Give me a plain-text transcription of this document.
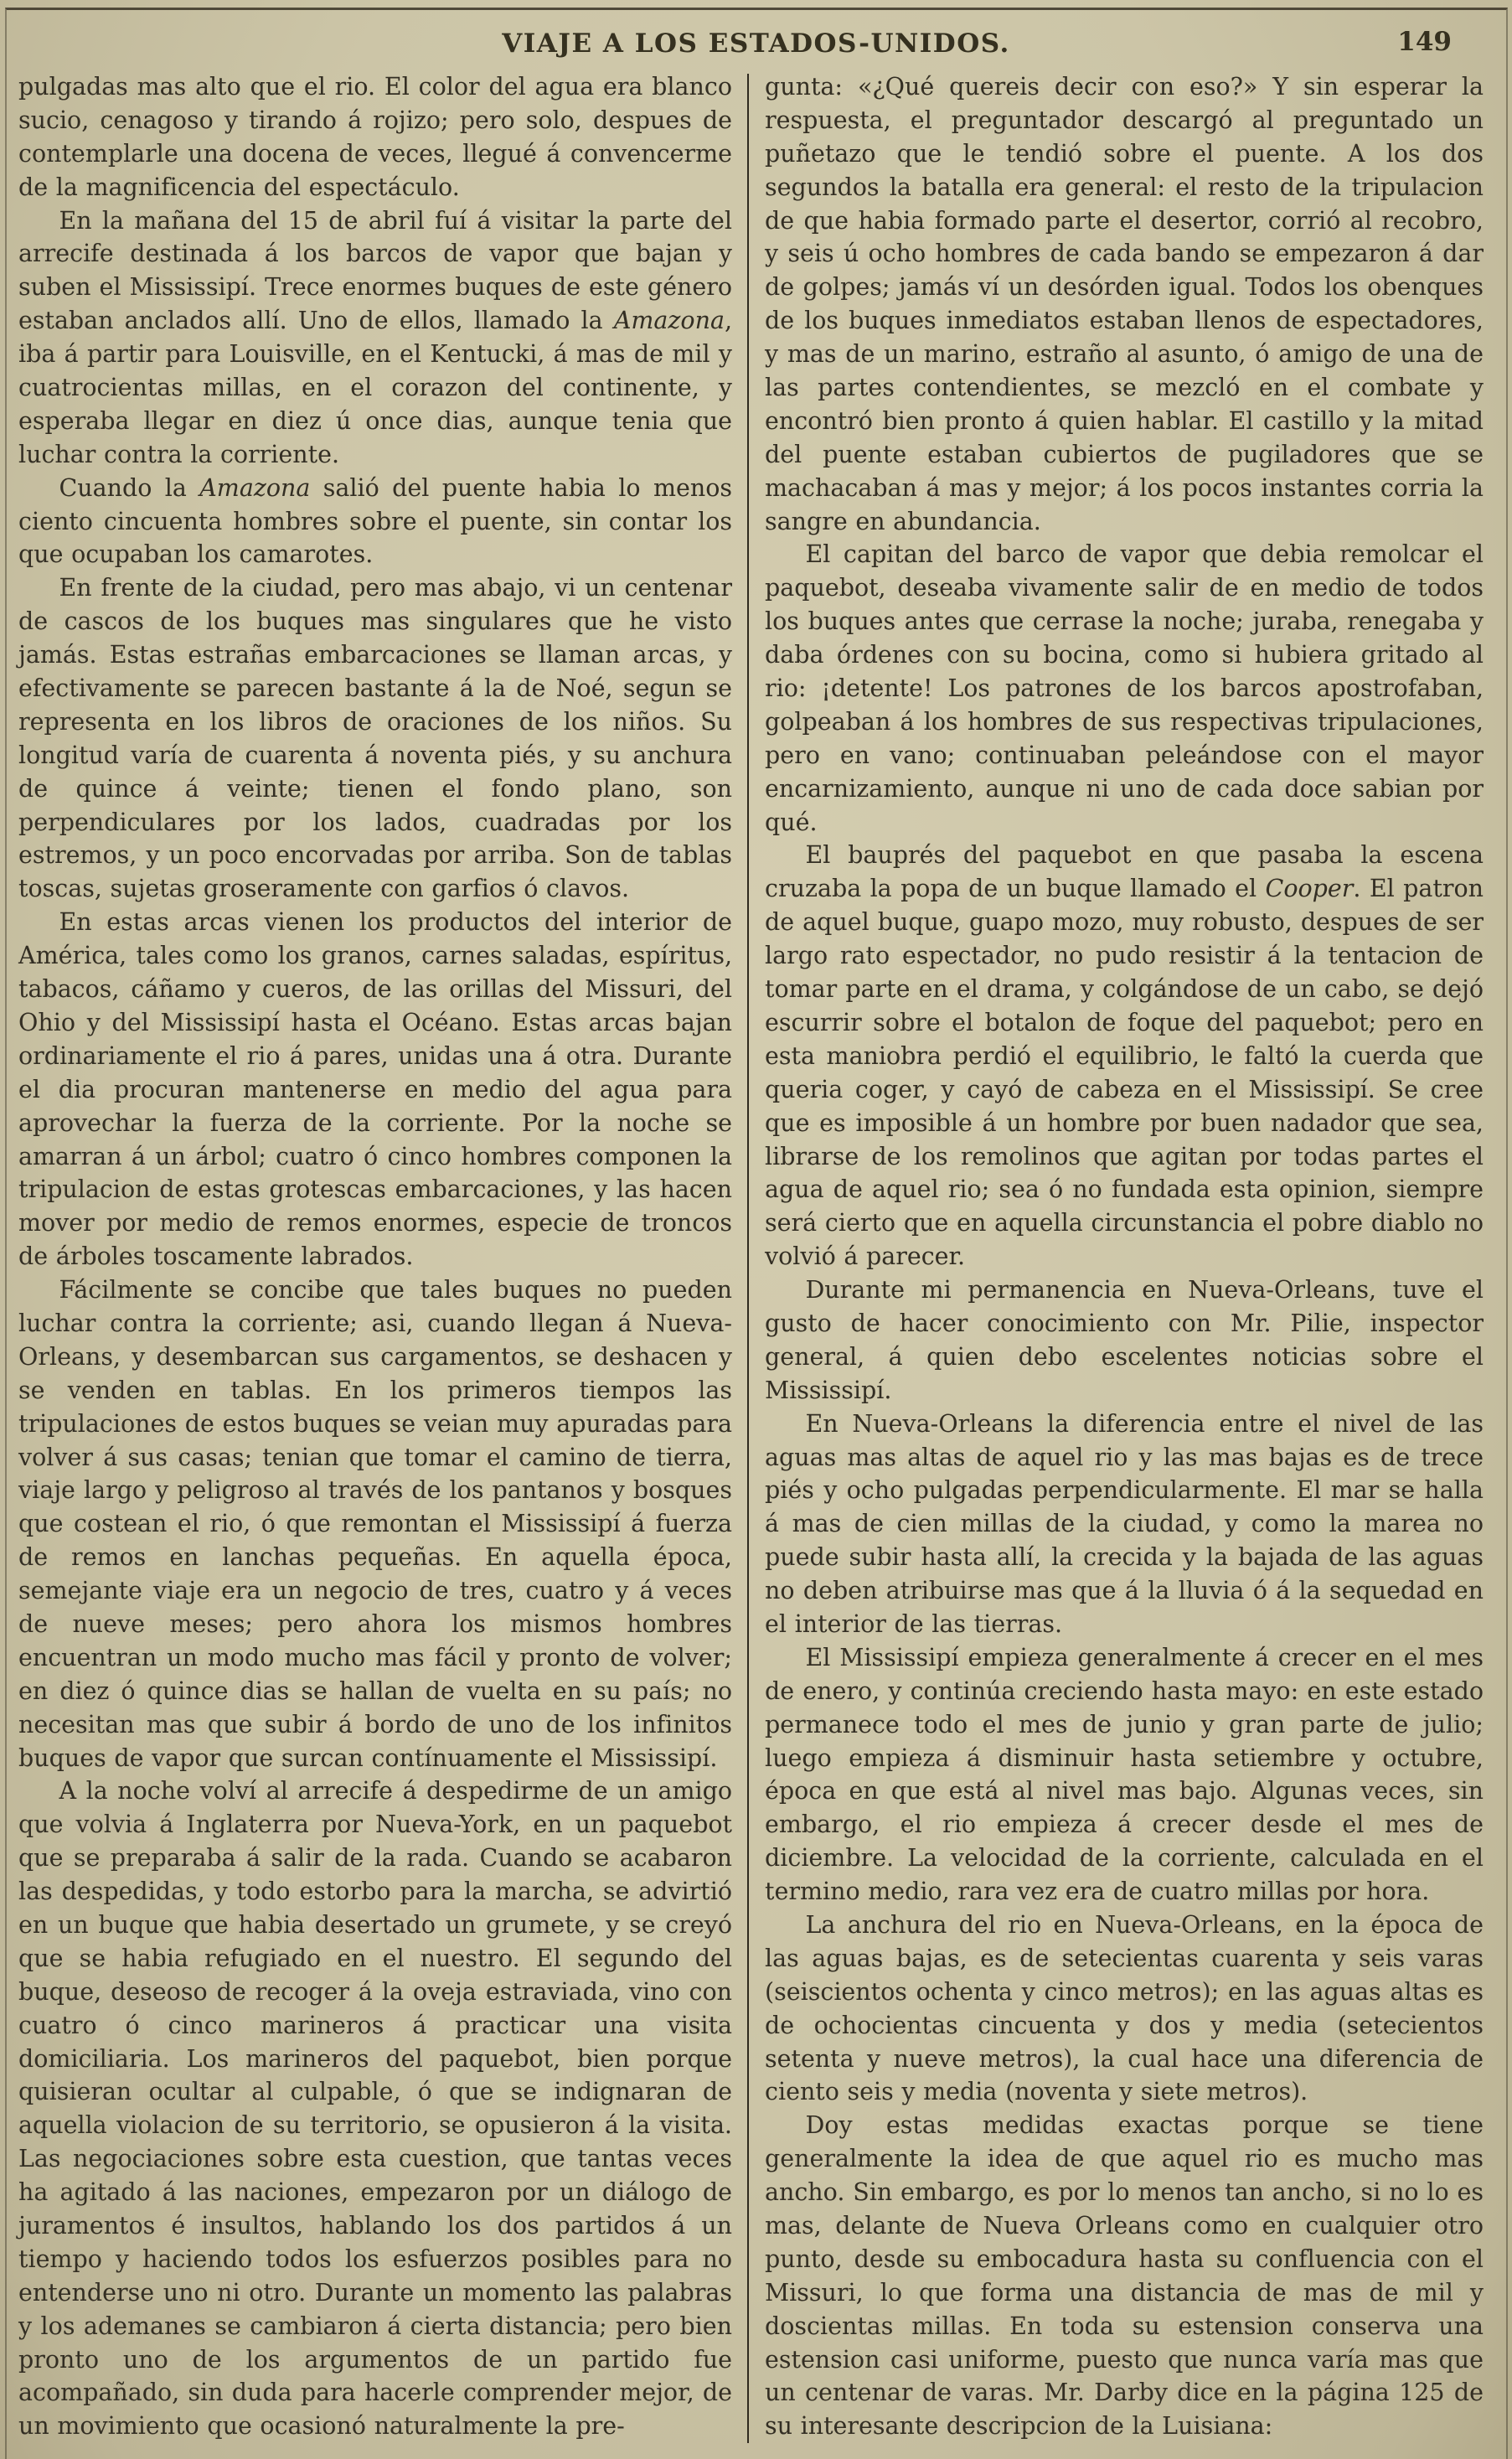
VIAJE A LOS ESTADOS-UNIDOS.	149

pulgadas mas alto que el rio. El color del agua era blanco sucio, cenagoso y tirando á rojizo; pero solo, despues de contemplarle una docena de veces, llegué á convencerme de la magnificencia del espectáculo.

En la mañana del 15 de abril fuí á visitar la parte del arrecife destinada á los barcos de vapor que bajan y suben el Mississipí. Trece enormes buques de este género estaban anclados allí. Uno de ellos, llamado la Amazona, iba á partir para Louisville, en el Kentucki, á mas de mil y cuatrocientas millas, en el corazon del continente, y esperaba llegar en diez ú once dias, aunque tenia que luchar contra la corriente.

Cuando la Amazona salió del puente habia lo menos ciento cincuenta hombres sobre el puente, sin contar los que ocupaban los camarotes.

En frente de la ciudad, pero mas abajo, vi un centenar de cascos de los buques mas singulares que he visto jamás. Estas estrañas embarcaciones se llaman arcas, y efectivamente se parecen bastante á la de Noé, segun se representa en los libros de oraciones de los niños. Su longitud varía de cuarenta á noventa piés, y su anchura de quince á veinte; tienen el fondo plano, son perpendiculares por los lados, cuadradas por los estremos, y un poco encorvadas por arriba. Son de tablas toscas, sujetas groseramente con garfios ó clavos.

En estas arcas vienen los productos del interior de América, tales como los granos, carnes saladas, espíritus, tabacos, cáñamo y cueros, de las orillas del Missuri, del Ohio y del Mississipí hasta el Océano. Estas arcas bajan ordinariamente el rio á pares, unidas una á otra. Durante el dia procuran mantenerse en medio del agua para aprovechar la fuerza de la corriente. Por la noche se amarran á un árbol; cuatro ó cinco hombres componen la tripulacion de estas grotescas embarcaciones, y las hacen mover por medio de remos enormes, especie de troncos de árboles toscamente labrados.

Fácilmente se concibe que tales buques no pueden luchar contra la corriente; asi, cuando llegan á Nueva-Orleans, y desembarcan sus cargamentos, se deshacen y se venden en tablas. En los primeros tiempos las tripulaciones de estos buques se veian muy apuradas para volver á sus casas; tenian que tomar el camino de tierra, viaje largo y peligroso al través de los pantanos y bosques que costean el rio, ó que remontan el Mississipí á fuerza de remos en lanchas pequeñas. En aquella época, semejante viaje era un negocio de tres, cuatro y á veces de nueve meses; pero ahora los mismos hombres encuentran un modo mucho mas fácil y pronto de volver; en diez ó quince dias se hallan de vuelta en su país; no necesitan mas que subir á bordo de uno de los infinitos buques de vapor que surcan contínuamente el Mississipí.

A la noche volví al arrecife á despedirme de un amigo que volvia á Inglaterra por Nueva-York, en un paquebot que se preparaba á salir de la rada. Cuando se acabaron las despedidas, y todo estorbo para la marcha, se advirtió en un buque que habia desertado un grumete, y se creyó que se habia refugiado en el nuestro. El segundo del buque, deseoso de recoger á la oveja estraviada, vino con cuatro ó cinco marineros á practicar una visita domiciliaria. Los marineros del paquebot, bien porque quisieran ocultar al culpable, ó que se indignaran de aquella violacion de su territorio, se opusieron á la visita. Las negociaciones sobre esta cuestion, que tantas veces ha agitado á las naciones, empezaron por un diálogo de juramentos é insultos, hablando los dos partidos á un tiempo y haciendo todos los esfuerzos posibles para no entenderse uno ni otro. Durante un momento las palabras y los ademanes se cambiaron á cierta distancia; pero bien pronto uno de los argumentos de un partido fue acompañado, sin duda para hacerle comprender mejor, de un movimiento que ocasionó naturalmente la pre-

gunta: «¿Qué quereis decir con eso?» Y sin esperar la respuesta, el preguntador descargó al preguntado un puñetazo que le tendió sobre el puente. A los dos segundos la batalla era general: el resto de la tripulacion de que habia formado parte el desertor, corrió al recobro, y seis ú ocho hombres de cada bando se empezaron á dar de golpes; jamás ví un desórden igual. Todos los obenques de los buques inmediatos estaban llenos de espectadores, y mas de un marino, estraño al asunto, ó amigo de una de las partes contendientes, se mezcló en el combate y encontró bien pronto á quien hablar. El castillo y la mitad del puente estaban cubiertos de pugiladores que se machacaban á mas y mejor; á los pocos instantes corria la sangre en abundancia.

El capitan del barco de vapor que debia remolcar el paquebot, deseaba vivamente salir de en medio de todos los buques antes que cerrase la noche; juraba, renegaba y daba órdenes con su bocina, como si hubiera gritado al rio: ¡detente! Los patrones de los barcos apostrofaban, golpeaban á los hombres de sus respectivas tripulaciones, pero en vano; continuaban peleándose con el mayor encarnizamiento, aunque ni uno de cada doce sabian por qué.

El bauprés del paquebot en que pasaba la escena cruzaba la popa de un buque llamado el Cooper. El patron de aquel buque, guapo mozo, muy robusto, despues de ser largo rato espectador, no pudo resistir á la tentacion de tomar parte en el drama, y colgándose de un cabo, se dejó escurrir sobre el botalon de foque del paquebot; pero en esta maniobra perdió el equilibrio, le faltó la cuerda que queria coger, y cayó de cabeza en el Mississipí. Se cree que es imposible á un hombre por buen nadador que sea, librarse de los remolinos que agitan por todas partes el agua de aquel rio; sea ó no fundada esta opinion, siempre será cierto que en aquella circunstancia el pobre diablo no volvió á parecer.

Durante mi permanencia en Nueva-Orleans, tuve el gusto de hacer conocimiento con Mr. Pilie, inspector general, á quien debo escelentes noticias sobre el Mississipí.

En Nueva-Orleans la diferencia entre el nivel de las aguas mas altas de aquel rio y las mas bajas es de trece piés y ocho pulgadas perpendicularmente. El mar se halla á mas de cien millas de la ciudad, y como la marea no puede subir hasta allí, la crecida y la bajada de las aguas no deben atribuirse mas que á la lluvia ó á la sequedad en el interior de las tierras.

El Mississipí empieza generalmente á crecer en el mes de enero, y continúa creciendo hasta mayo: en este estado permanece todo el mes de junio y gran parte de julio; luego empieza á disminuir hasta setiembre y octubre, época en que está al nivel mas bajo. Algunas veces, sin embargo, el rio empieza á crecer desde el mes de diciembre. La velocidad de la corriente, calculada en el termino medio, rara vez era de cuatro millas por hora.

La anchura del rio en Nueva-Orleans, en la época de las aguas bajas, es de setecientas cuarenta y seis varas (seiscientos ochenta y cinco metros); en las aguas altas es de ochocientas cincuenta y dos y media (setecientos setenta y nueve metros), la cual hace una diferencia de ciento seis y media (noventa y siete metros).

Doy estas medidas exactas porque se tiene generalmente la idea de que aquel rio es mucho mas ancho. Sin embargo, es por lo menos tan ancho, si no lo es mas, delante de Nueva Orleans como en cualquier otro punto, desde su embocadura hasta su confluencia con el Missuri, lo que forma una distancia de mas de mil y doscientas millas. En toda su estension conserva una estension casi uniforme, puesto que nunca varía mas que un centenar de varas. Mr. Darby dice en la página 125 de su interesante descripcion de la Luisiana:
